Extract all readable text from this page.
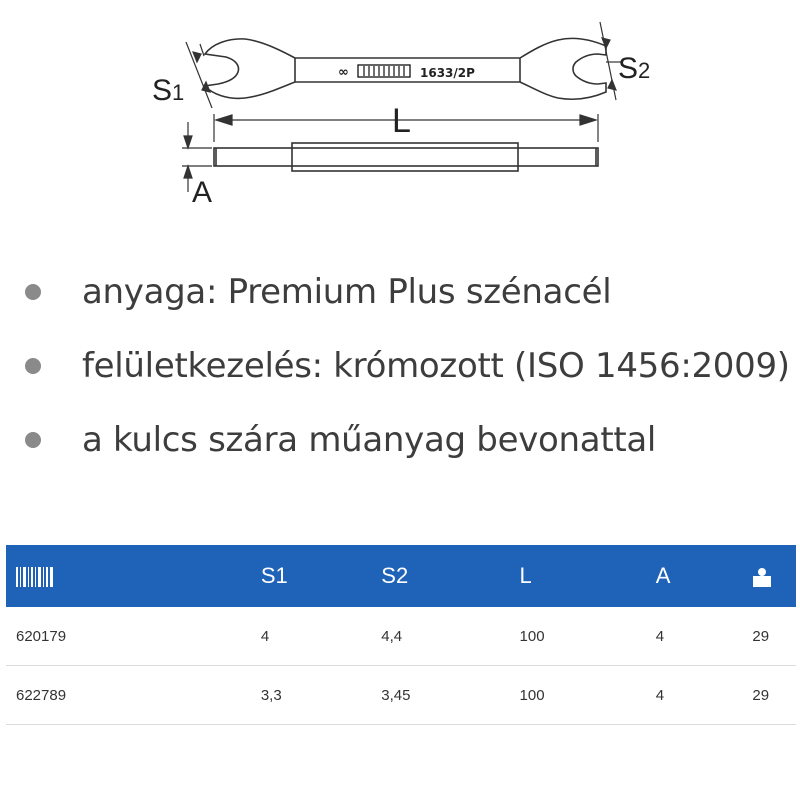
∞	1633/2P
S1
S2
L
A
anyaga: Premium Plus szénacél
felületkezelés: krómozott (ISO 1456:2009)
a kulcs szára műanyag bevonattal
	S1	S2	L	A	
620179	4	4,4	100	4	29
622789	3,3	3,45	100	4	29
